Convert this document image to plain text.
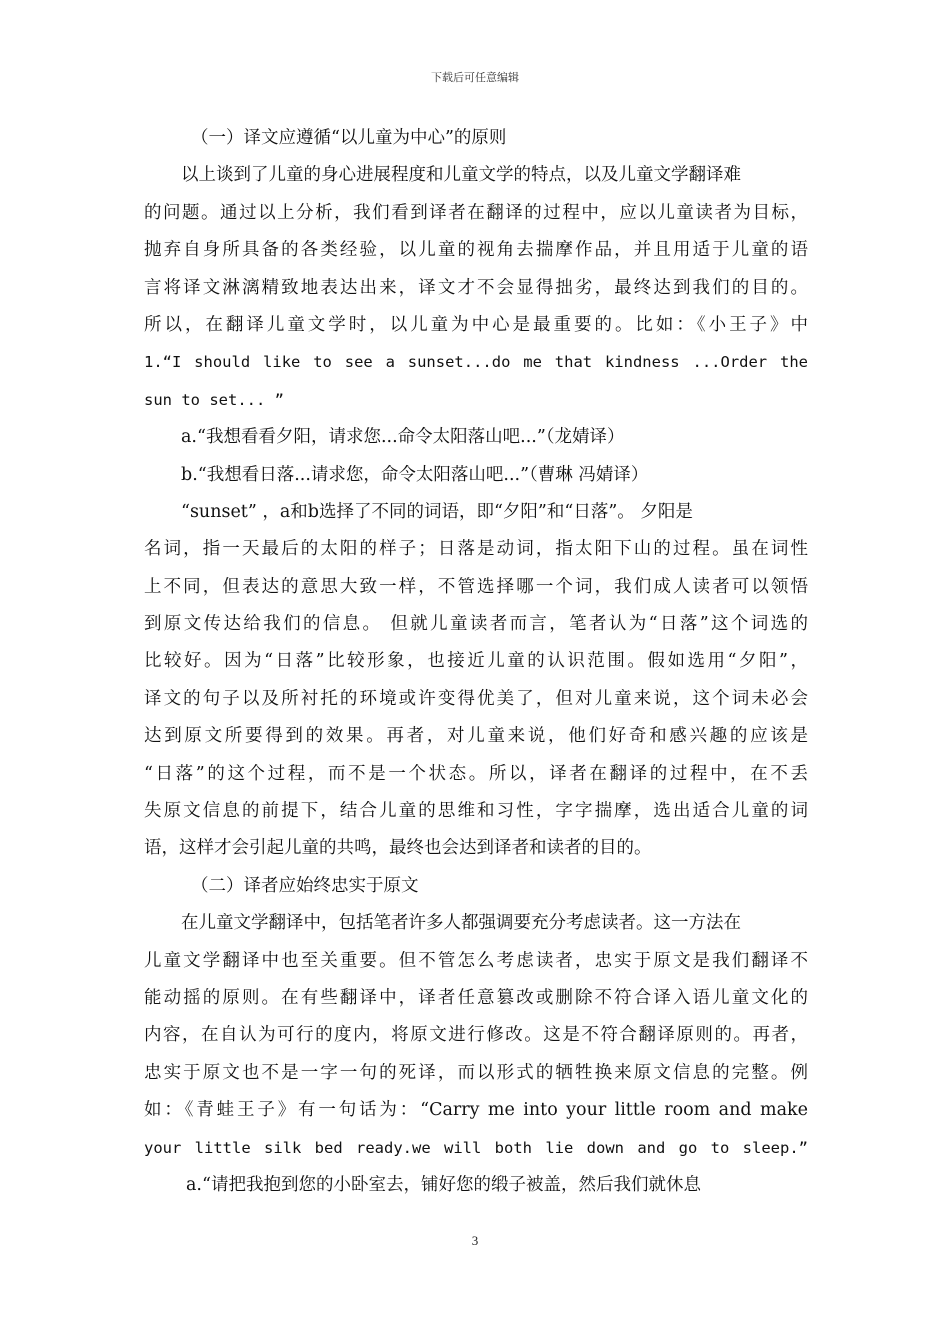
下载后可任意编辑
（一）译文应遵循“以儿童为中心”的原则
以上谈到了儿童的身心进展程度和儿童文学的特点，以及儿童文学翻译难
的问题。通过以上分析，我们看到译者在翻译的过程中，应以儿童读者为目标，
抛弃自身所具备的各类经验，以儿童的视角去揣摩作品，并且用适于儿童的语
言将译文淋漓精致地表达出来，译文才不会显得拙劣，最终达到我们的目的。
所以，在翻译儿童文学时，以儿童为中心是最重要的。比如：《小王子》中
1.“I should like to see a sunset...do me that kindness ...Order the
sun to set... ”
a.“我想看看夕阳，请求您...命令太阳落山吧...”（龙婧译）
b.“我想看日落...请求您，命令太阳落山吧...”（曹琳 冯婧译）
“sunset” ，a和b选择了不同的词语，即“夕阳”和“日落”。 夕阳是
名词，指一天最后的太阳的样子；日落是动词，指太阳下山的过程。虽在词性
上不同，但表达的意思大致一样，不管选择哪一个词，我们成人读者可以领悟
到原文传达给我们的信息。 但就儿童读者而言，笔者认为“日落”这个词选的
比较好。因为“日落”比较形象，也接近儿童的认识范围。假如选用“夕阳”，
译文的句子以及所衬托的环境或许变得优美了，但对儿童来说，这个词未必会
达到原文所要得到的效果。再者，对儿童来说，他们好奇和感兴趣的应该是
“日落”的这个过程，而不是一个状态。所以，译者在翻译的过程中，在不丢
失原文信息的前提下，结合儿童的思维和习性，字字揣摩，选出适合儿童的词
语，这样才会引起儿童的共鸣，最终也会达到译者和读者的目的。
（二）译者应始终忠实于原文
在儿童文学翻译中，包括笔者许多人都强调要充分考虑读者。这一方法在
儿童文学翻译中也至关重要。但不管怎么考虑读者，忠实于原文是我们翻译不
能动摇的原则。在有些翻译中，译者任意篡改或删除不符合译入语儿童文化的
内容，在自认为可行的度内，将原文进行修改。这是不符合翻译原则的。再者，
忠实于原文也不是一字一句的死译，而以形式的牺牲换来原文信息的完整。例
如：《青蛙王子》有一句话为：“Carry me into your little room and make
your little silk bed ready.we will both lie down and go to sleep.”
a.“请把我抱到您的小卧室去，铺好您的缎子被盖，然后我们就休息
3
